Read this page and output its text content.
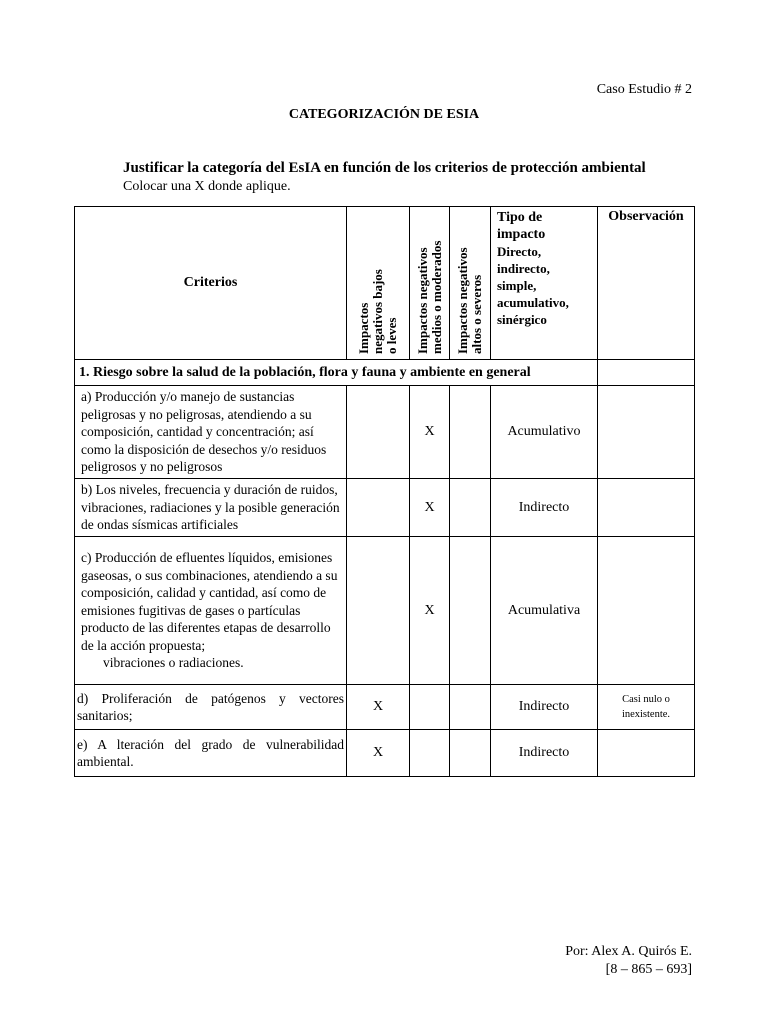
Caso Estudio # 2
CATEGORIZACIÓN DE ESIA
Justificar la categoría del EsIA en función de los criterios de protección ambiental
Colocar una X donde aplique.
Criterios	Impactos
negativos bajos
o leves	Impactos negativos
medios o moderados	Impactos negativos
altos o severos	Tipo de impacto
Directo, indirecto, simple, acumulativo, sinérgico	Observación
1. Riesgo sobre la salud de la población, flora y fauna y ambiente en general					
a) Producción y/o manejo de sustancias peligrosas y no peligrosas, atendiendo a su composición, cantidad y concentración; así como la disposición de desechos y/o residuos peligrosos y no peligrosos		X		Acumulativo	
b) Los niveles, frecuencia y duración de ruidos, vibraciones, radiaciones y la posible generación de ondas sísmicas artificiales		X		Indirecto	

c) Producción de efluentes líquidos, emisiones gaseosas, o sus combinaciones, atendiendo a su composición, calidad y cantidad, así como de emisiones fugitivas de gases o partículas producto de las diferentes etapas de desarrollo de la acción propuesta;
vibraciones o radiaciones.		X		Acumulativa	
d) Proliferación de patógenos y vectores sanitarios;	X			Indirecto	Casi nulo o inexistente.
e) A lteración del grado de vulnerabilidad ambiental.	X			Indirecto	
Por: Alex A. Quirós E.
[8 – 865 – 693]
